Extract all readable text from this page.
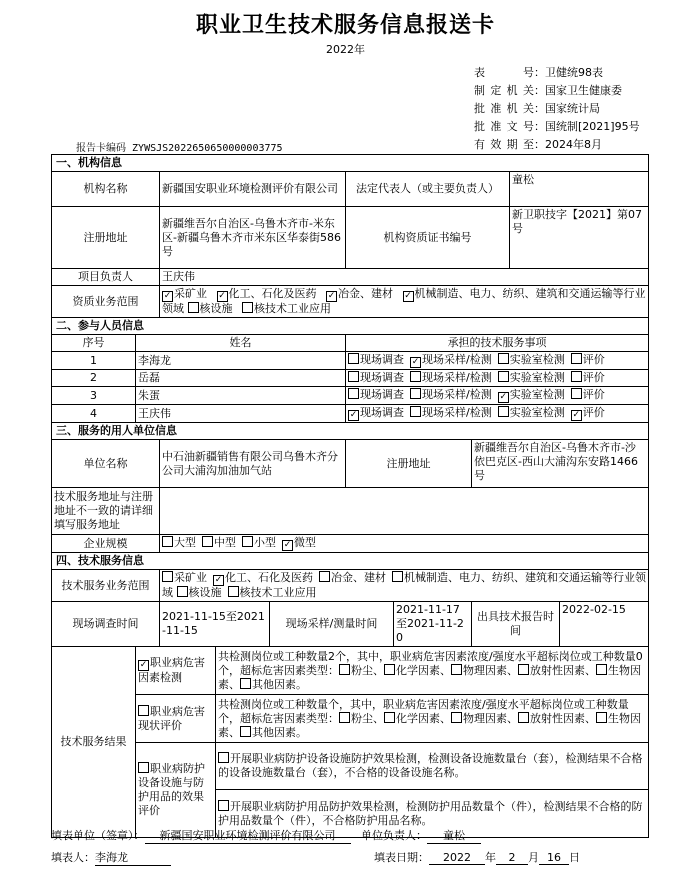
职业卫生技术服务信息报送卡
2022年
表 号：卫健统98表
制定机关：国家卫生健康委
批准机关：国家统计局
批准文号：国统制[2021]95号
有效期至：2024年8月
报告卡编码 ZYWSJS2022650650000003775
一、机构信息									
机构名称		新疆国安职业环境检测评价有限公司			法定代表人（或主要负责人）			童松	
注册地址		新疆维吾尔自治区-乌鲁木齐市-米东区-新疆乌鲁木齐市米东区华泰街586号			机构资质证书编号			新卫职技字【2021】第07号	
项目负责人		王庆伟							
资质业务范围	✓采矿业 ✓ 化工、石化及医药 ✓ 冶金、建材 ✓ 机械制造、电力、纺织、建筑和交通运输等行业领域 核设施 核技术工业应用
二、参与人员信息									
序号	姓名				承担的技术服务事项				
1	李海龙				现场调查 ✓ 现场采样/检测 实验室检测 评价
2	岳磊				现场调查 现场采样/检测 实验室检测 评价				
3	朱蛋				现场调查 现场采样/检测 ✓ 实验室检测 评价
4	王庆伟	✓现场调查 现场采样/检测 实验室检测 ✓ 评价
三、服务的用人单位信息									
单位名称		中石油新疆销售有限公司乌鲁木齐分公司大浦沟加油加气站			注册地址		新疆维吾尔自治区-乌鲁木齐市-沙依巴克区-西山大浦沟东安路1466号		
技术服务地址与注册地址不一致的请详细填写服务地址									
企业规模		大型 中型 小型 ✓ 微型
四、技术服务信息									
技术服务业务范围		采矿业 ✓ 化工、石化及医药 冶金、建材 机械制造、电力、纺织、建筑和交通运输等行业领域 核设施 核技术工业应用
现场调查时间		2021-11-15至2021-11-15		现场采样/测量时间		2021-11-17至2021-11-20	出具技术报告时间		2022-02-15
技术服务结果	✓职业病危害因素检测		共检测岗位或工种数量2个，其中，职业病危害因素浓度/强度水平超标岗位或工种数量0个，超标危害因素类型： 粉尘、 化学因素、 物理因素、 放射性因素、 生物因素、 其他因素。						
	职业病危害现状评价		共检测岗位或工种数量个，其中，职业病危害因素浓度/强度水平超标岗位或工种数量个，超标危害因素类型： 粉尘、 化学因素、 物理因素、 放射性因素、 生物因素、 其他因素。						
	职业病防护设备设施与防护用品的效果评价		开展职业病防护设备设施防护效果检测，检测设备设施数量台（套），检测结果不合格的设备设施数量台（套），不合格的设备设施名称。						
			开展职业病防护用品防护效果检测，检测防护用品数量个（件），检测结果不合格的防护用品数量个（件），不合格防护用品名称。						
填表单位（签章）： 新疆国安职业环境检测评价有限公司 单位负责人： 童松
填表人：李海龙	填表日期： 2022 年 2 月 16 日
